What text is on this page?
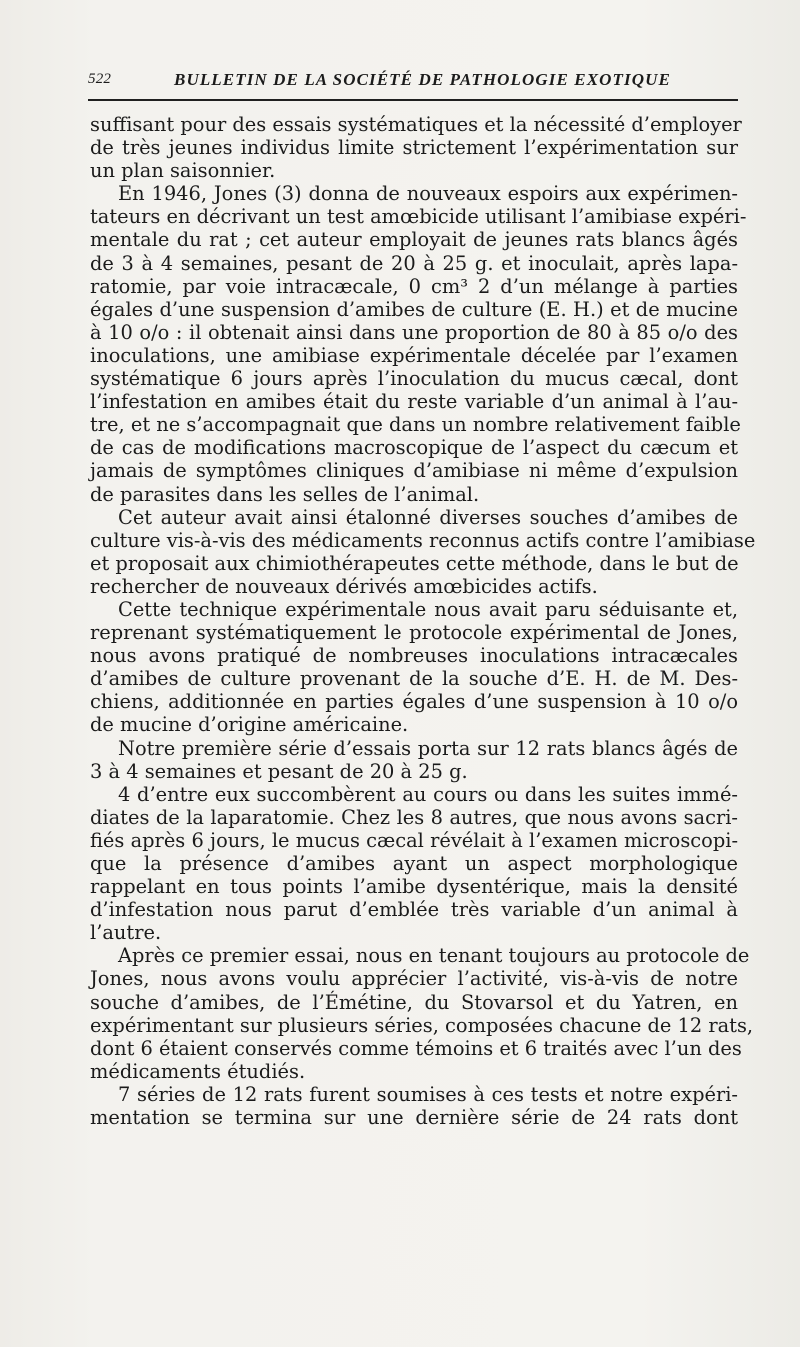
522	BULLETIN DE LA SOCIÉTÉ DE PATHOLOGIE EXOTIQUE
suffisant pour des essais systématiques et la nécessité d’employer
de très jeunes individus limite strictement l’expérimentation sur
un plan saisonnier.
En 1946, Jones (3) donna de nouveaux espoirs aux expérimen-
tateurs en décrivant un test amœbicide utilisant l’amibiase expéri-
mentale du rat ; cet auteur employait de jeunes rats blancs âgés
de 3 à 4 semaines, pesant de 20 à 25 g. et inoculait, après lapa-
ratomie, par voie intracæcale, 0 cm³ 2 d’un mélange à parties
égales d’une suspension d’amibes de culture (E. H.) et de mucine
à 10 o/o : il obtenait ainsi dans une proportion de 80 à 85 o/o des
inoculations, une amibiase expérimentale décelée par l’examen
systématique 6 jours après l’inoculation du mucus cæcal, dont
l’infestation en amibes était du reste variable d’un animal à l’au-
tre, et ne s’accompagnait que dans un nombre relativement faible
de cas de modifications macroscopique de l’aspect du cæcum et
jamais de symptômes cliniques d’amibiase ni même d’expulsion
de parasites dans les selles de l’animal.
Cet auteur avait ainsi étalonné diverses souches d’amibes de
culture vis-à-vis des médicaments reconnus actifs contre l’amibiase
et proposait aux chimiothérapeutes cette méthode, dans le but de
rechercher de nouveaux dérivés amœbicides actifs.
Cette technique expérimentale nous avait paru séduisante et,
reprenant systématiquement le protocole expérimental de Jones,
nous avons pratiqué de nombreuses inoculations intracæcales
d’amibes de culture provenant de la souche d’E. H. de M. Des-
chiens, additionnée en parties égales d’une suspension à 10 o/o
de mucine d’origine américaine.
Notre première série d’essais porta sur 12 rats blancs âgés de
3 à 4 semaines et pesant de 20 à 25 g.
4 d’entre eux succombèrent au cours ou dans les suites immé-
diates de la laparatomie. Chez les 8 autres, que nous avons sacri-
fiés après 6 jours, le mucus cæcal révélait à l’examen microscopi-
que la présence d’amibes ayant un aspect morphologique
rappelant en tous points l’amibe dysentérique, mais la densité
d’infestation nous parut d’emblée très variable d’un animal à
l’autre.
Après ce premier essai, nous en tenant toujours au protocole de
Jones, nous avons voulu apprécier l’activité, vis-à-vis de notre
souche d’amibes, de l’Émétine, du Stovarsol et du Yatren, en
expérimentant sur plusieurs séries, composées chacune de 12 rats,
dont 6 étaient conservés comme témoins et 6 traités avec l’un des
médicaments étudiés.
7 séries de 12 rats furent soumises à ces tests et notre expéri-
mentation se termina sur une dernière série de 24 rats dont
